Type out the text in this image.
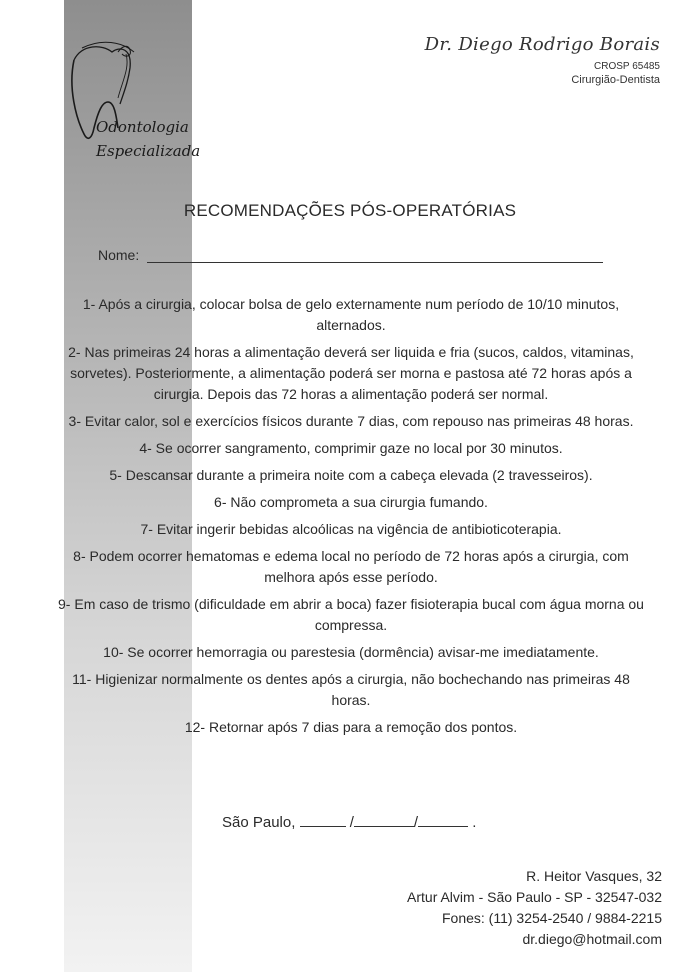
Odontologia
Especializada
Dr. Diego Rodrigo Borais
CROSP 65485
Cirurgião-Dentista
RECOMENDAÇÕES PÓS-OPERATÓRIAS
Nome:
1- Após a cirurgia, colocar bolsa de gelo externamente num período de 10/10 minutos, alternados.
2- Nas primeiras 24 horas a alimentação deverá ser liquida e fria (sucos, caldos, vitaminas, sorvetes). Posteriormente, a alimentação poderá ser morna e pastosa até 72 horas após a cirurgia. Depois das 72 horas a alimentação poderá ser normal.
3- Evitar calor, sol e exercícios físicos durante 7 dias, com repouso nas primeiras 48 horas.
4- Se ocorrer sangramento, comprimir gaze no local por 30 minutos.
5- Descansar durante a primeira noite com a cabeça elevada (2 travesseiros).
6- Não comprometa a sua cirurgia fumando.
7- Evitar ingerir bebidas alcoólicas na vigência de antibioticoterapia.
8- Podem ocorrer hematomas e edema local no período de 72 horas após a cirurgia, com melhora após esse período.
9- Em caso de trismo (dificuldade em abrir a boca) fazer fisioterapia bucal com água morna ou compressa.
10- Se ocorrer hemorragia ou parestesia (dormência) avisar-me imediatamente.
11- Higienizar normalmente os dentes após a cirurgia, não bochechando nas primeiras 48 horas.
12- Retornar após 7 dias para a remoção dos pontos.
São Paulo,	/	/	.
R. Heitor Vasques, 32
Artur Alvim - São Paulo - SP - 32547-032
Fones: (11) 3254-2540 / 9884-2215
dr.diego@hotmail.com
